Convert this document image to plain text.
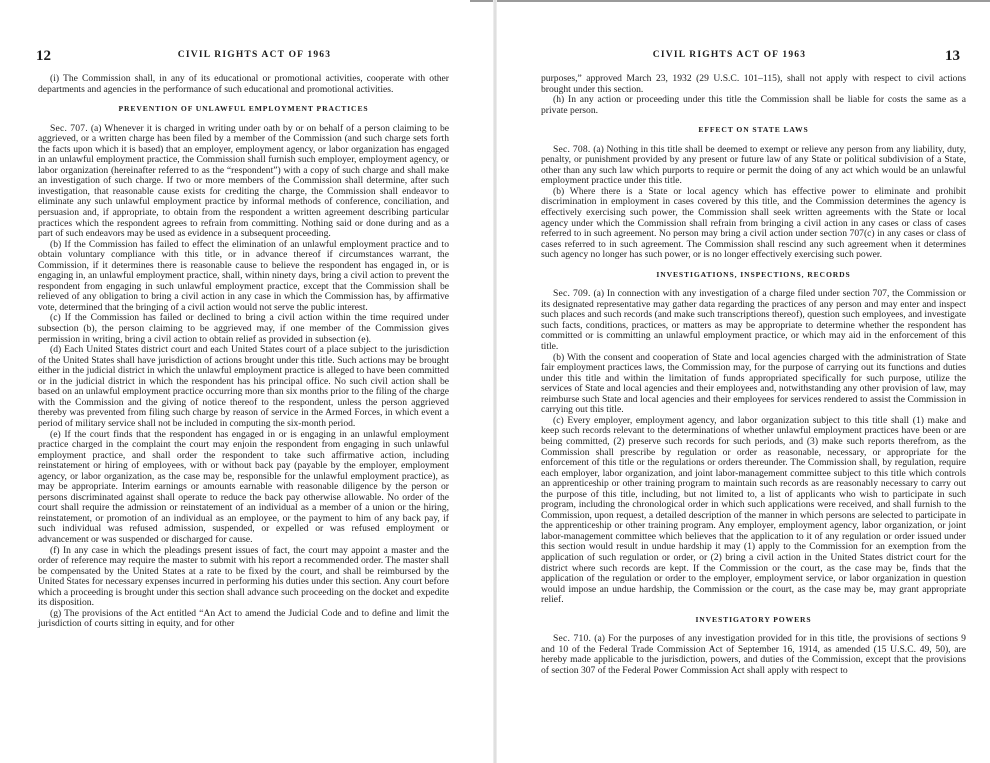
12	CIVIL RIGHTS ACT OF 1963

(i) The Commission shall, in any of its educational or promotional activities, cooperate with other departments and agencies in the performance of such educational and promotional activities.

PREVENTION OF UNLAWFUL EMPLOYMENT PRACTICES

Sec. 707. (a) Whenever it is charged in writing under oath by or on behalf of a person claiming to be aggrieved, or a written charge has been filed by a member of the Commission (and such charge sets forth the facts upon which it is based) that an employer, employment agency, or labor organization has engaged in an unlawful employment practice, the Commission shall furnish such employer, employment agency, or labor organization (hereinafter referred to as the “respondent”) with a copy of such charge and shall make an investigation of such charge. If two or more members of the Commission shall determine, after such investigation, that reasonable cause exists for crediting the charge, the Commission shall endeavor to eliminate any such unlawful employment practice by informal methods of conference, conciliation, and persuasion and, if appropriate, to obtain from the respondent a written agreement describing particular practices which the respondent agrees to refrain from committing. Nothing said or done during and as a part of such endeavors may be used as evidence in a subsequent proceeding.

(b) If the Commission has failed to effect the elimination of an unlawful employment practice and to obtain voluntary compliance with this title, or in advance thereof if circumstances warrant, the Commission, if it determines there is reasonable cause to believe the respondent has engaged in, or is engaging in, an unlawful employment practice, shall, within ninety days, bring a civil action to prevent the respondent from engaging in such unlawful employment practice, except that the Commission shall be relieved of any obligation to bring a civil action in any case in which the Commission has, by affirmative vote, determined that the bringing of a civil action would not serve the public interest.

(c) If the Commission has failed or declined to bring a civil action within the time required under subsection (b), the person claiming to be aggrieved may, if one member of the Commission gives permission in writing, bring a civil action to obtain relief as provided in subsection (e).

(d) Each United States district court and each United States court of a place subject to the jurisdiction of the United States shall have jurisdiction of actions brought under this title. Such actions may be brought either in the judicial district in which the unlawful employment practice is alleged to have been committed or in the judicial district in which the respondent has his principal office. No such civil action shall be based on an unlawful employment practice occurring more than six months prior to the filing of the charge with the Commission and the giving of notice thereof to the respondent, unless the person aggrieved thereby was prevented from filing such charge by reason of service in the Armed Forces, in which event a period of military service shall not be included in computing the six-month period.

(e) If the court finds that the respondent has engaged in or is engaging in an unlawful employment practice charged in the complaint the court may enjoin the respondent from engaging in such unlawful employment practice, and shall order the respondent to take such affirmative action, including reinstatement or hiring of employees, with or without back pay (payable by the employer, employment agency, or labor organization, as the case may be, responsible for the unlawful employment practice), as may be appropriate. Interim earnings or amounts earnable with reasonable diligence by the person or persons discriminated against shall operate to reduce the back pay otherwise allowable. No order of the court shall require the admission or reinstatement of an individual as a member of a union or the hiring, reinstatement, or promotion of an individual as an employee, or the payment to him of any back pay, if such individual was refused admission, suspended, or expelled or was refused employment or advancement or was suspended or discharged for cause.

(f) In any case in which the pleadings present issues of fact, the court may appoint a master and the order of reference may require the master to submit with his report a recommended order. The master shall be compensated by the United States at a rate to be fixed by the court, and shall be reimbursed by the United States for necessary expenses incurred in performing his duties under this section. Any court before which a proceeding is brought under this section shall advance such proceeding on the docket and expedite its disposition.

(g) The provisions of the Act entitled “An Act to amend the Judicial Code and to define and limit the jurisdiction of courts sitting in equity, and for other

CIVIL RIGHTS ACT OF 1963	13

purposes,” approved March 23, 1932 (29 U.S.C. 101–115), shall not apply with respect to civil actions brought under this section.

(h) In any action or proceeding under this title the Commission shall be liable for costs the same as a private person.

EFFECT ON STATE LAWS

Sec. 708. (a) Nothing in this title shall be deemed to exempt or relieve any person from any liability, duty, penalty, or punishment provided by any present or future law of any State or political subdivision of a State, other than any such law which purports to require or permit the doing of any act which would be an unlawful employment practice under this title.

(b) Where there is a State or local agency which has effective power to eliminate and prohibit discrimination in employment in cases covered by this title, and the Commission determines the agency is effectively exercising such power, the Commission shall seek written agreements with the State or local agency under which the Commission shall refrain from bringing a civil action in any cases or class of cases referred to in such agreement. No person may bring a civil action under section 707(c) in any cases or class of cases referred to in such agreement. The Commission shall rescind any such agreement when it determines such agency no longer has such power, or is no longer effectively exercising such power.

INVESTIGATIONS, INSPECTIONS, RECORDS

Sec. 709. (a) In connection with any investigation of a charge filed under section 707, the Commission or its designated representative may gather data regarding the practices of any person and may enter and inspect such places and such records (and make such transcriptions thereof), question such employees, and investigate such facts, conditions, practices, or matters as may be appropriate to determine whether the respondent has committed or is committing an unlawful employment practice, or which may aid in the enforcement of this title.

(b) With the consent and cooperation of State and local agencies charged with the administration of State fair employment practices laws, the Commission may, for the purpose of carrying out its functions and duties under this title and within the limitation of funds appropriated specifically for such purpose, utilize the services of State and local agencies and their employees and, notwithstanding any other provision of law, may reimburse such State and local agencies and their employees for services rendered to assist the Commission in carrying out this title.

(c) Every employer, employment agency, and labor organization subject to this title shall (1) make and keep such records relevant to the determinations of whether unlawful employment practices have been or are being committed, (2) preserve such records for such periods, and (3) make such reports therefrom, as the Commission shall prescribe by regulation or order as reasonable, necessary, or appropriate for the enforcement of this title or the regulations or orders thereunder. The Commission shall, by regulation, require each employer, labor organization, and joint labor-management committee subject to this title which controls an apprenticeship or other training program to maintain such records as are reasonably necessary to carry out the purpose of this title, including, but not limited to, a list of applicants who wish to participate in such program, including the chronological order in which such applications were received, and shall furnish to the Commission, upon request, a detailed description of the manner in which persons are selected to participate in the apprenticeship or other training program. Any employer, employment agency, labor organization, or joint labor-management committee which believes that the application to it of any regulation or order issued under this section would result in undue hardship it may (1) apply to the Commission for an exemption from the application of such regulation or order, or (2) bring a civil action in the United States district court for the district where such records are kept. If the Commission or the court, as the case may be, finds that the application of the regulation or order to the employer, employment service, or labor organization in question would impose an undue hardship, the Commission or the court, as the case may be, may grant appropriate relief.

INVESTIGATORY POWERS

Sec. 710. (a) For the purposes of any investigation provided for in this title, the provisions of sections 9 and 10 of the Federal Trade Commission Act of September 16, 1914, as amended (15 U.S.C. 49, 50), are hereby made applicable to the jurisdiction, powers, and duties of the Commission, except that the provisions of section 307 of the Federal Power Commission Act shall apply with respect to
